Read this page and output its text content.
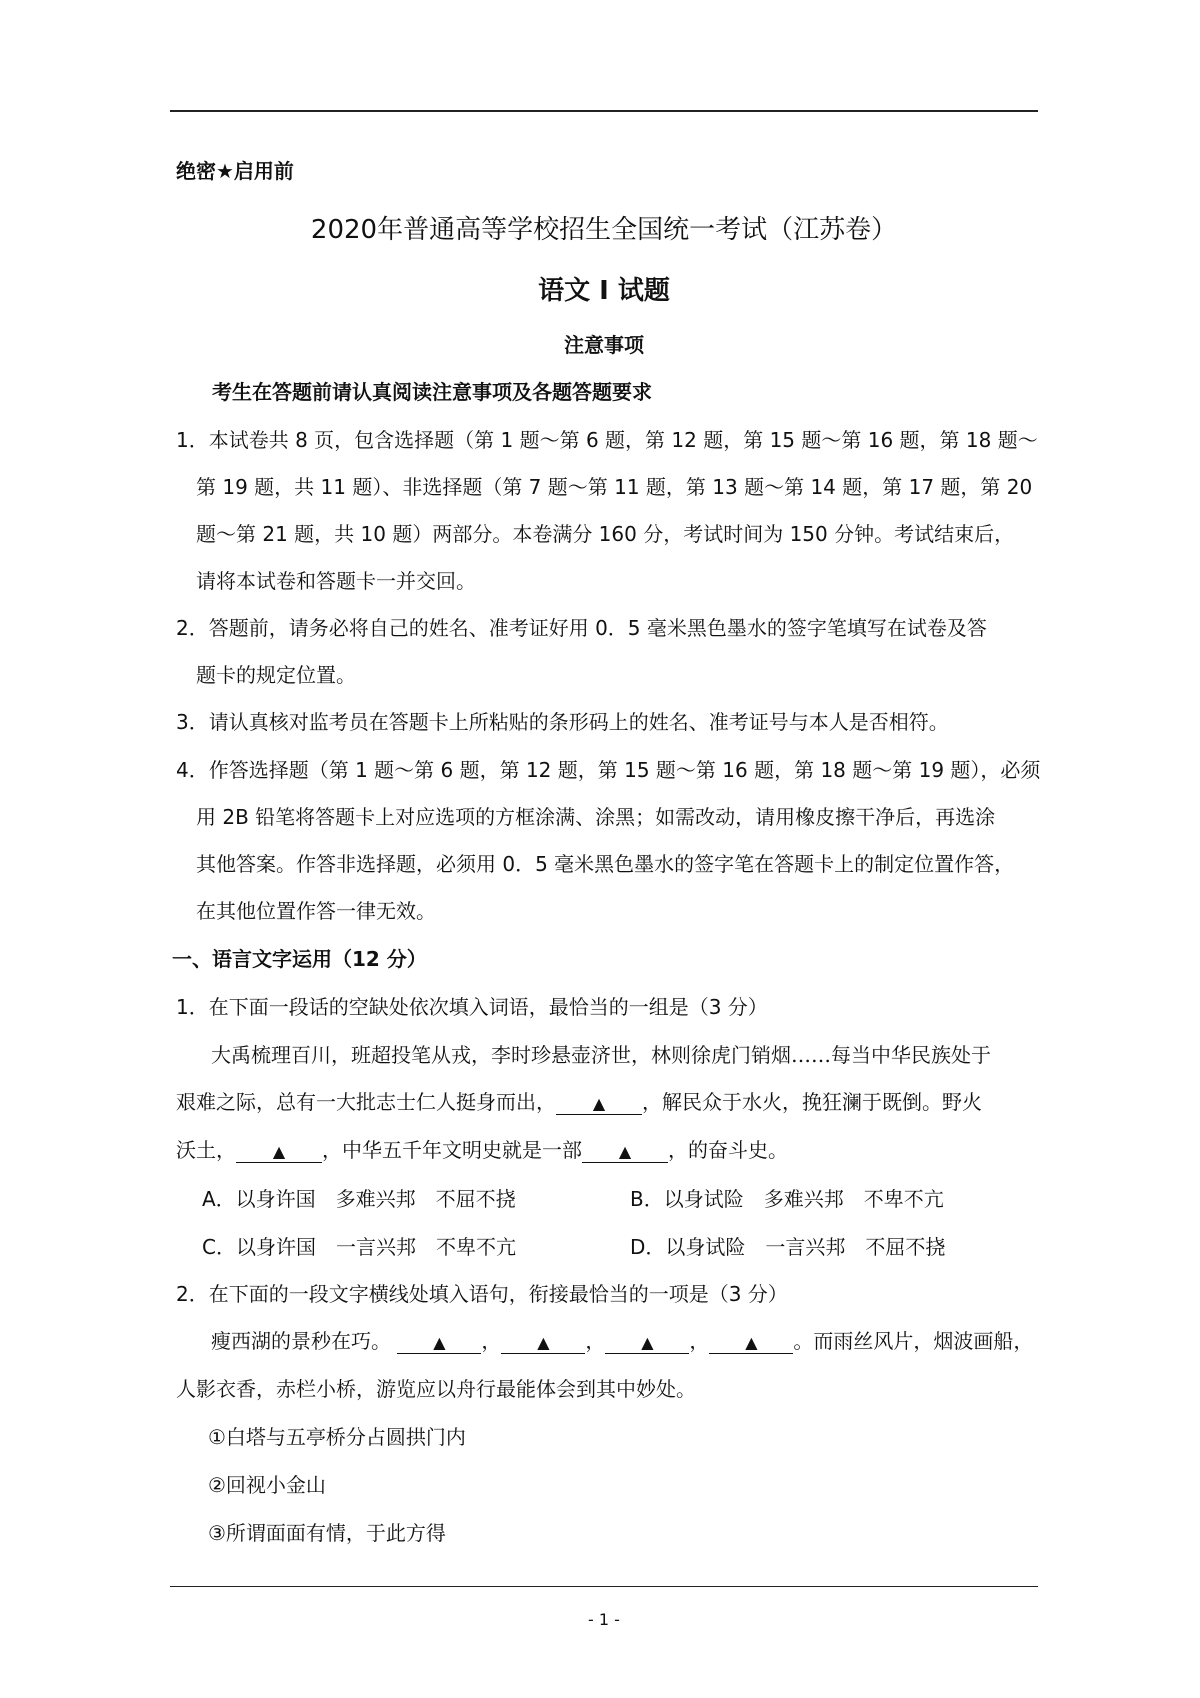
绝密★启用前
2020年普通高等学校招生全国统一考试（江苏卷）
语文 I 试题
注意事项
考生在答题前请认真阅读注意事项及各题答题要求
1．本试卷共 8 页，包含选择题（第 1 题～第 6 题，第 12 题，第 15 题～第 16 题，第 18 题～
第 19 题，共 11 题）、非选择题（第 7 题～第 11 题，第 13 题～第 14 题，第 17 题，第 20
题～第 21 题，共 10 题）两部分。本卷满分 160 分，考试时间为 150 分钟。考试结束后，
请将本试卷和答题卡一并交回。
2．答题前，请务必将自己的姓名、准考证好用 0．5 毫米黑色墨水的签字笔填写在试卷及答
题卡的规定位置。
3．请认真核对监考员在答题卡上所粘贴的条形码上的姓名、准考证号与本人是否相符。
4．作答选择题（第 1 题～第 6 题，第 12 题，第 15 题～第 16 题，第 18 题～第 19 题），必须
用 2B 铅笔将答题卡上对应选项的方框涂满、涂黑；如需改动，请用橡皮擦干净后，再选涂
其他答案。作答非选择题，必须用 0．5 毫米黑色墨水的签字笔在答题卡上的制定位置作答，
在其他位置作答一律无效。
一、语言文字运用（12 分）
1．在下面一段话的空缺处依次填入词语，最恰当的一组是（3 分）
大禹梳理百川，班超投笔从戎，李时珍悬壶济世，林则徐虎门销烟……每当中华民族处于
艰难之际，总有一大批志士仁人挺身而出， ▲ ，解民众于水火，挽狂澜于既倒。野火
沃土， ▲ ，中华五千年文明史就是一部 ▲ ，的奋斗史。
A．以身许国　多难兴邦　不屈不挠	B．以身试险　多难兴邦　不卑不亢
C．以身许国　一言兴邦　不卑不亢	D．以身试险　一言兴邦　不屈不挠
2．在下面的一段文字横线处填入语句，衔接最恰当的一项是（3 分）
瘦西湖的景秒在巧。	▲ ， ▲ ， ▲ ， ▲ 。而雨丝风片，烟波画船，
人影衣香，赤栏小桥，游览应以舟行最能体会到其中妙处。
①白塔与五亭桥分占圆拱门内
②回视小金山
③所谓面面有情，于此方得
- 1 -
